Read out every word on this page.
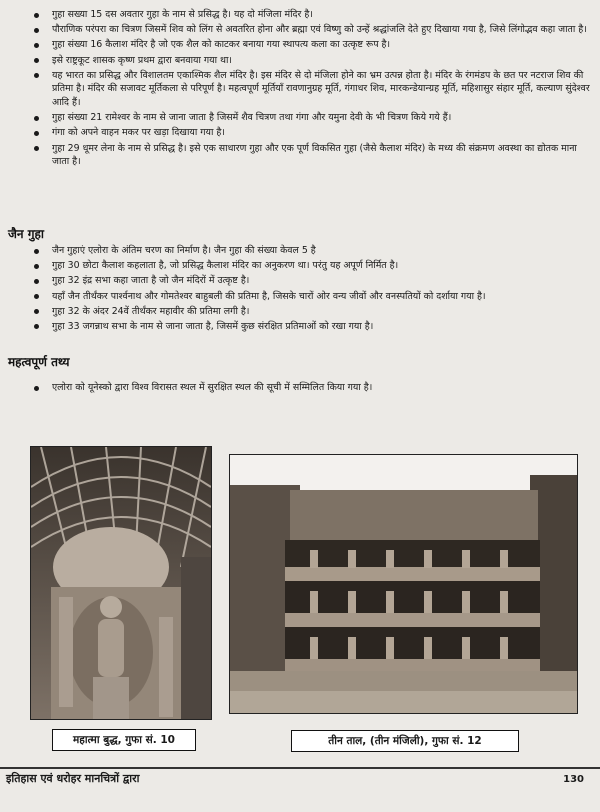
गुहा सख्या 15 दस अवतार गुहा के नाम से प्रसिद्ध है। यह दो मंजिला मंदिर है।
पौराणिक परंपरा का चित्रण जिसमें शिव को लिंग से अवतरित होना और ब्रह्मा एवं विष्णु को उन्हें श्रद्धांजलि देते हुए दिखाया गया है, जिसे लिंगोद्भव कहा जाता है।
गुहा संख्या 16 कैलाश मंदिर है जो एक शैल को काटकर बनाया गया स्थापत्य कला का उत्कृष्ट रूप है।
इसे राष्ट्रकूट शासक कृष्ण प्रथम द्वारा बनवाया गया था।
यह भारत का प्रसिद्ध और विशालतम एकाश्मिक शैल मंदिर है। इस मंदिर से दो मंजिला होने का भ्रम उत्पन्न होता है। मंदिर के रंगमंडप के छत पर नटराज शिव की प्रतिमा है। मंदिर की सजावट मूर्तिकला से परिपूर्ण है। महत्वपूर्ण मूर्तियाँ रावणानुग्रह मूर्ति, गंगाधर शिव, मारकन्डेयान्ग्रह मूर्ति, महिशासुर संहार मूर्ति, कल्याण सुंदेश्वर आदि हैं।
गुहा संख्या 21 रामेश्वर के नाम से जाना जाता है जिसमें शैव चित्रण तथा गंगा और यमुना देवी के भी चित्रण किये गये हैं।
गंगा को अपने वाहन मकर पर खड़ा दिखाया गया है।
गुहा 29 धूमर लेना के नाम से प्रसिद्ध है। इसे एक साधारण गुहा और एक पूर्ण विकसित गुहा (जैसे कैलाश मंदिर) के मध्य की संक्रमण अवस्था का द्योतक माना जाता है।
जैन गुहा
जैन गुहाएं एलोरा के अंतिम चरण का निर्माण है। जैन गुहा की संख्या केवल 5 है
गुहा 30 छोटा कैलाश कहलाता है, जो प्रसिद्ध कैलाश मंदिर का अनुकरण था। परंतु यह अपूर्ण निर्मित है।
गुहा 32 इंद्र सभा कहा जाता है जो जैन मंदिरों में उत्कृष्ट है।
यहाँ जैन तीर्थंकर पार्श्वनाथ और गोमतेश्वर बाहुबली की प्रतिमा है, जिसके चारों ओर वन्य जीवों और वनस्पतियों को दर्शाया गया है।
गुहा 32 के अंदर 24वें तीर्थंकर महावीर की प्रतिमा लगी है।
गुहा 33 जगन्नाथ सभा के नाम से जाना जाता है, जिसमें कुछ संरक्षित प्रतिमाओं को रखा गया है।
महत्वपूर्ण तथ्य
एलोरा को यूनेस्को द्वारा विश्व विरासत स्थल में सुरक्षित स्थल की सूची में सम्मिलित किया गया है।
महात्मा बुद्ध, गुफा सं. 10	तीन ताल, (तीन मंजिली), गुफा सं. 12
इतिहास एवं धरोहर मानचित्रों द्वारा	130
